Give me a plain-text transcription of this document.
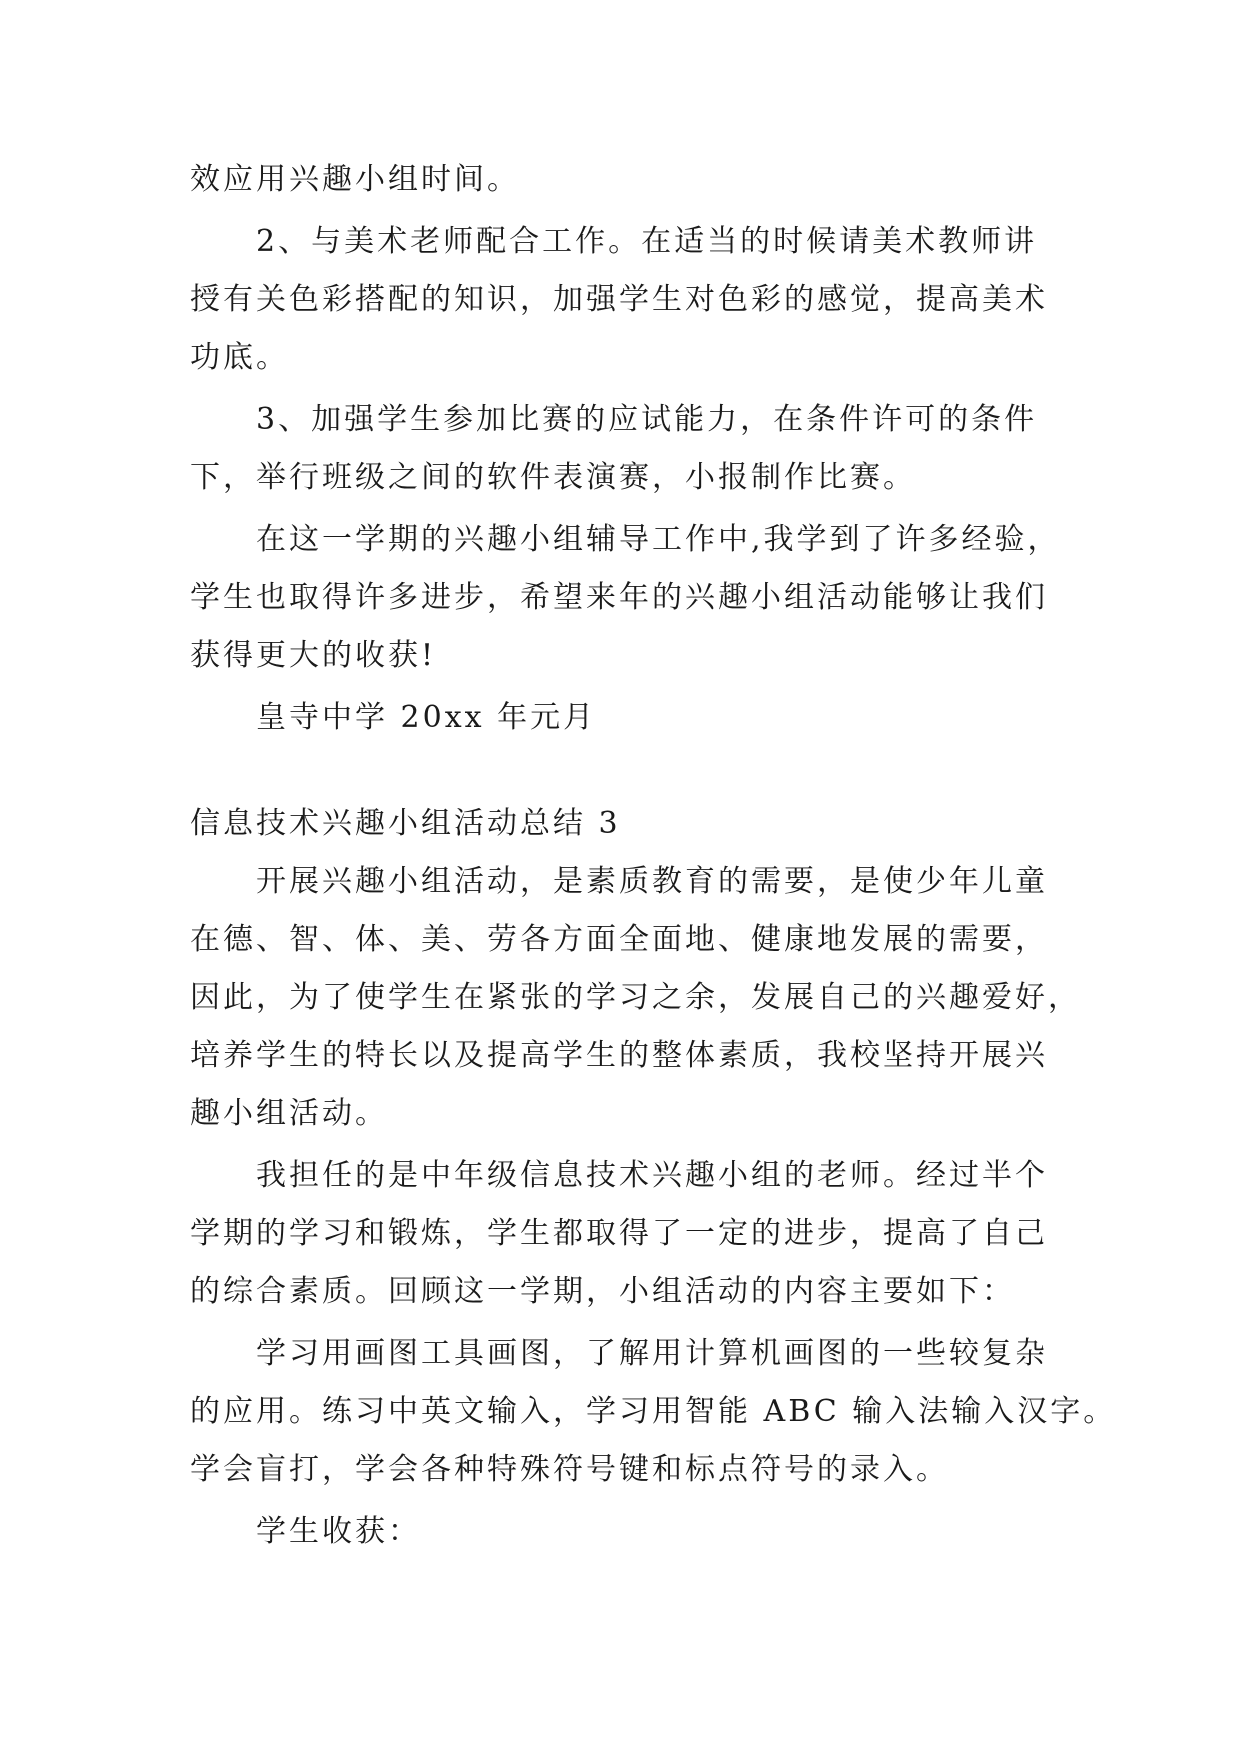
效应用兴趣小组时间。
2、与美术老师配合工作。在适当的时候请美术教师讲
授有关色彩搭配的知识，加强学生对色彩的感觉，提高美术
功底。
3、加强学生参加比赛的应试能力，在条件许可的条件
下，举行班级之间的软件表演赛，小报制作比赛。
在这一学期的兴趣小组辅导工作中,我学到了许多经验，
学生也取得许多进步，希望来年的兴趣小组活动能够让我们
获得更大的收获!
皇寺中学 20xx 年元月
信息技术兴趣小组活动总结 3
开展兴趣小组活动，是素质教育的需要，是使少年儿童
在德、智、体、美、劳各方面全面地、健康地发展的需要，
因此，为了使学生在紧张的学习之余，发展自己的兴趣爱好，
培养学生的特长以及提高学生的整体素质，我校坚持开展兴
趣小组活动。
我担任的是中年级信息技术兴趣小组的老师。经过半个
学期的学习和锻炼，学生都取得了一定的进步，提高了自己
的综合素质。回顾这一学期，小组活动的内容主要如下：
学习用画图工具画图，了解用计算机画图的一些较复杂
的应用。练习中英文输入，学习用智能 ABC 输入法输入汉字。
学会盲打，学会各种特殊符号键和标点符号的录入。
学生收获：
